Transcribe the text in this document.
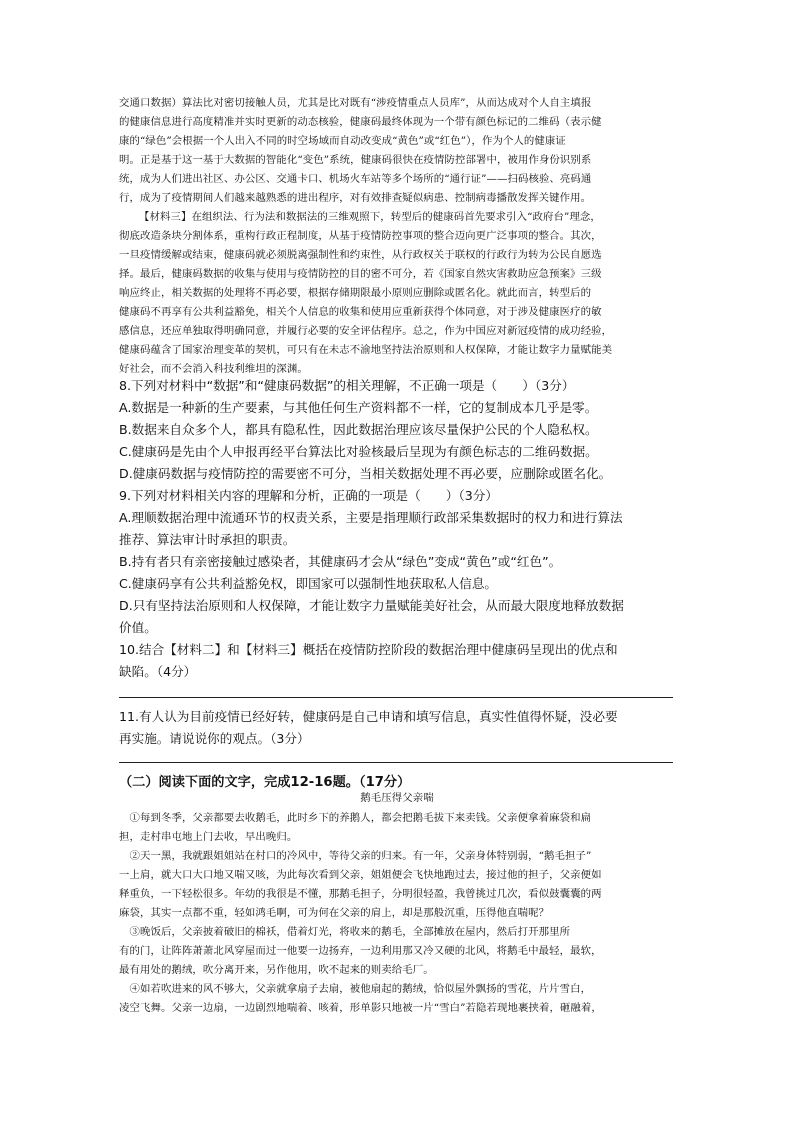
交通口数据）算法比对密切接触人员，尤其是比对既有“涉疫情重点人员库”，从而达成对个人自主填报
的健康信息进行高度精准并实时更新的动态核验，健康码最终体现为一个带有颜色标记的二维码（表示健
康的“绿色”会根据一个人出入不同的时空场域而自动改变成“黄色”或“红色”），作为个人的健康证
明。正是基于这一基于大数据的智能化“变色”系统，健康码很快在疫情防控部署中，被用作身份识别系
统，成为人们进出社区、办公区、交通卡口、机场火车站等多个场所的“通行证”——扫码核验、亮码通
行，成为了疫情期间人们越来越熟悉的进出程序，对有效排查疑似病患、控制病毒播散发挥关键作用。
【材料三】在组织法、行为法和数据法的三维观照下，转型后的健康码首先要求引入“政府台”理念，
彻底改造条块分割体系，重构行政正程制度，从基于疫情防控事项的整合迈向更广泛事项的整合。其次，
一旦疫情缓解或结束，健康码就必须脱离强制性和约束性，从行政权关于联权的行政行为转为公民自愿选
择。最后，健康码数据的收集与使用与疫情防控的目的密不可分，若《国家自然灾害救助应急预案》三级
响应终止，相关数据的处理将不再必要，根据存储期限最小原则应删除或匿名化。就此而言，转型后的
健康码不再享有公共利益豁免，相关个人信息的收集和使用应重新获得个体同意，对于涉及健康医疗的敏
感信息，还应单独取得明确同意，并履行必要的安全评估程序。总之，作为中国应对新冠疫情的成功经验，
健康码蕴含了国家治理变革的契机，可只有在未志不渝地坚持法治原则和人权保障，才能让数字力量赋能美
好社会，而不会消入科技利维坦的深渊。
8.下列对材料中“数据”和“健康码数据”的相关理解，不正确一项是（　　）（3分）
A.数据是一种新的生产要素，与其他任何生产资料都不一样，它的复制成本几乎是零。
B.数据来自众多个人，都具有隐私性，因此数据治理应该尽量保护公民的个人隐私权。
C.健康码是先由个人申报再经平台算法比对验核最后呈现为有颜色标志的二维码数据。
D.健康码数据与疫情防控的需要密不可分，当相关数据处理不再必要，应删除或匿名化。
9.下列对材料相关内容的理解和分析，正确的一项是（　　）（3分）
A.理顺数据治理中流通环节的权责关系，主要是指理顺行政部采集数据时的权力和进行算法
推荐、算法审计时承担的职责。
B.持有者只有亲密接触过感染者，其健康码才会从“绿色”变成“黄色”或“红色”。
C.健康码享有公共利益豁免权，即国家可以强制性地获取私人信息。
D.只有坚持法治原则和人权保障，才能让数字力量赋能美好社会，从而最大限度地释放数据
价值。
10.结合【材料二】和【材料三】概括在疫情防控阶段的数据治理中健康码呈现出的优点和
缺陷。（4分）
11.有人认为目前疫情已经好转，健康码是自己申请和填写信息，真实性值得怀疑，没必要
再实施。请说说你的观点。（3分）
（二）阅读下面的文字，完成12-16题。（17分）
鹅毛压得父亲喘
　①每到冬季，父亲都要去收鹅毛，此时乡下的养鹅人，都会把鹅毛拔下来卖钱。父亲便拿着麻袋和扁
担，走村串屯地上门去收，早出晚归。
　②天一黑，我就跟姐姐站在村口的冷风中，等待父亲的归来。有一年，父亲身体特别弱，“鹅毛担子”
一上肩，就大口大口地又喘又咳，为此每次看到父亲，姐姐便会飞快地跑过去，接过他的担子，父亲便如
释重负，一下轻松很多。年幼的我很是不懂，那鹅毛担子，分明很轻盈，我曾挑过几次，看似鼓囊囊的两
麻袋，其实一点都不重，轻如鸿毛啊，可为何在父亲的肩上，却是那般沉重，压得他直喘呢？
　③晚饭后，父亲披着破旧的棉袄，借着灯光，将收来的鹅毛，全部摊放在屋内，然后打开那里所
有的门，让阵阵萧萧北风穿屋而过一他要一边扬弃，一边利用那又冷又硬的北风，将鹅毛中最轻，最软，
最有用处的鹅绒，吹分离开来，另作他用，吹不起来的则卖给毛厂。
　④如若吹进来的风不够大，父亲就拿扇子去扇，被他扇起的鹅绒，恰似屋外飘扬的雪花，片片雪白，
凌空飞舞。父亲一边扇，一边剧烈地喘着、咳着，形单影只地被一片“雪白”若隐若现地裹挟着，砸融着，
